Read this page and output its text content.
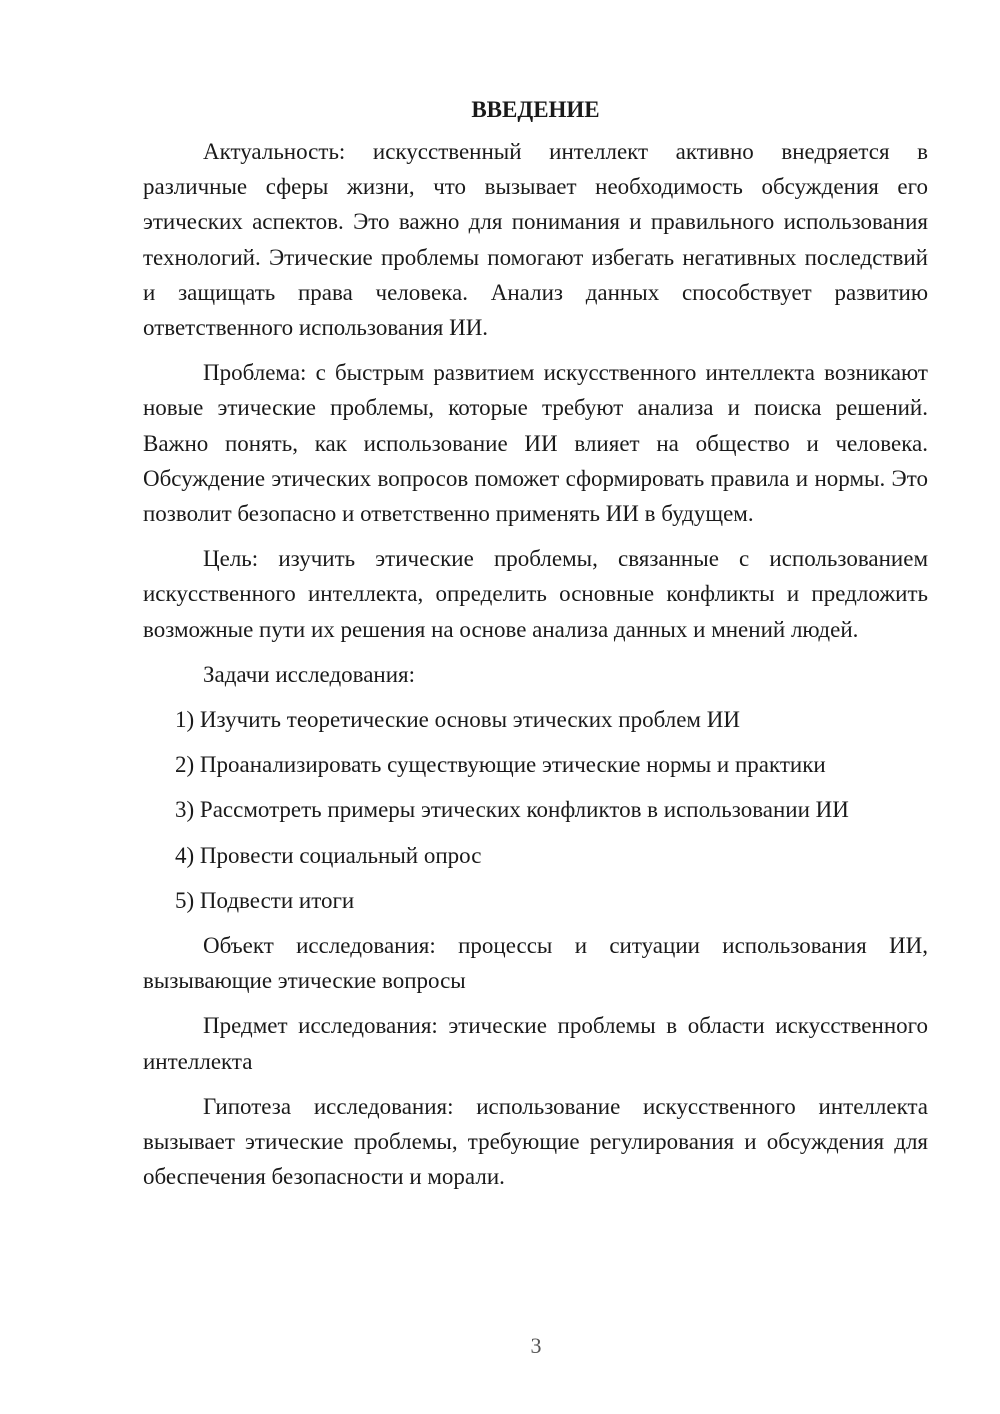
ВВЕДЕНИЕ

Актуальность: искусственный интеллект активно внедряется в различные сферы жизни, что вызывает необходимость обсуждения его этических аспектов. Это важно для понимания и правильного использования технологий. Этические проблемы помогают избегать негативных последствий и защищать права человека. Анализ данных способствует развитию ответственного использования ИИ.

Проблема: с быстрым развитием искусственного интеллекта возникают новые этические проблемы, которые требуют анализа и поиска решений. Важно понять, как использование ИИ влияет на общество и человека. Обсуждение этических вопросов поможет сформировать правила и нормы. Это позволит безопасно и ответственно применять ИИ в будущем.

Цель: изучить этические проблемы, связанные с использованием искусственного интеллекта, определить основные конфликты и предложить возможные пути их решения на основе анализа данных и мнений людей.

Задачи исследования:
1) Изучить теоретические основы этических проблем ИИ
2) Проанализировать существующие этические нормы и практики
3) Рассмотреть примеры этических конфликтов в использовании ИИ
4) Провести социальный опрос
5) Подвести итоги

Объект исследования: процессы и ситуации использования ИИ, вызывающие этические вопросы

Предмет исследования: этические проблемы в области искусственного интеллекта

Гипотеза исследования: использование искусственного интеллекта вызывает этические проблемы, требующие регулирования и обсуждения для обеспечения безопасности и морали.

3
